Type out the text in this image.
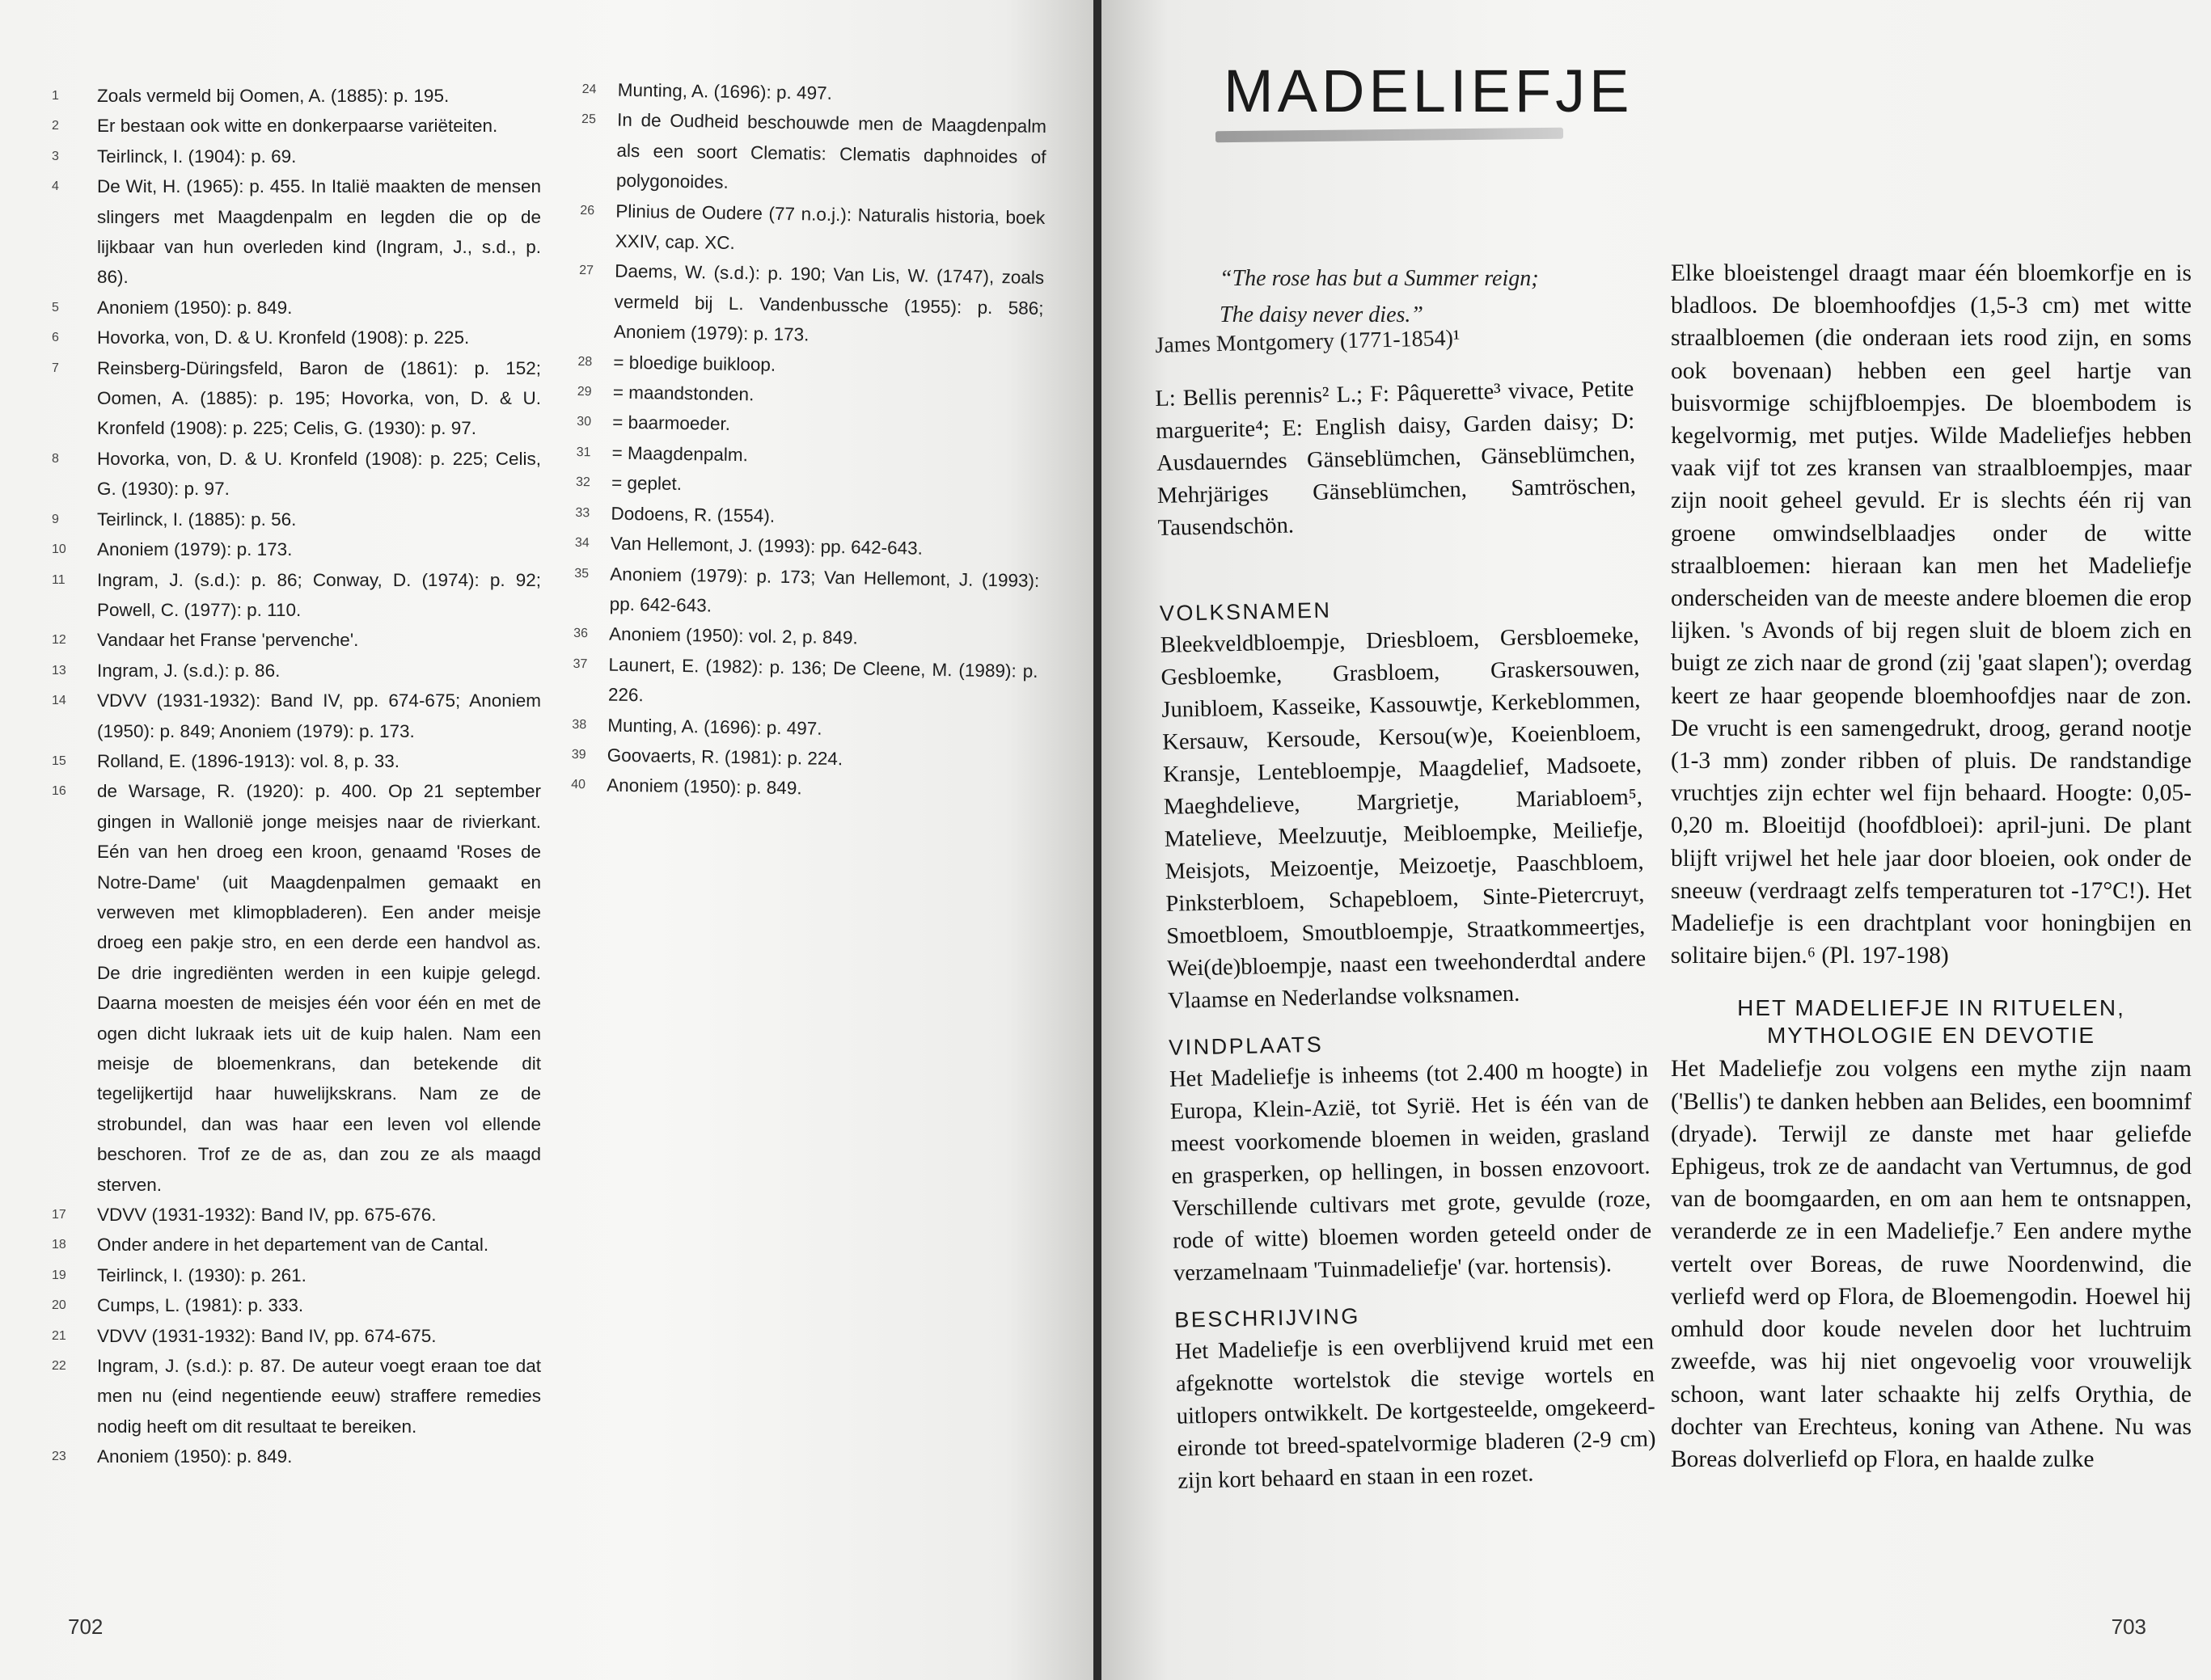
1	Zoals vermeld bij Oomen, A. (1885): p. 195.
2	Er bestaan ook witte en donkerpaarse variëteiten.
3	Teirlinck, I. (1904): p. 69.
4	De Wit, H. (1965): p. 455. In Italië maakten de mensen slingers met Maagdenpalm en legden die op de lijkbaar van hun overleden kind (Ingram, J., s.d., p. 86).
5	Anoniem (1950): p. 849.
6	Hovorka, von, D. & U. Kronfeld (1908): p. 225.
7	Reinsberg-Düringsfeld, Baron de (1861): p. 152; Oomen, A. (1885): p. 195; Hovorka, von, D. & U. Kronfeld (1908): p. 225; Celis, G. (1930): p. 97.
8	Hovorka, von, D. & U. Kronfeld (1908): p. 225; Celis, G. (1930): p. 97.
9	Teirlinck, I. (1885): p. 56.
10	Anoniem (1979): p. 173.
11	Ingram, J. (s.d.): p. 86; Conway, D. (1974): p. 92; Powell, C. (1977): p. 110.
12	Vandaar het Franse 'pervenche'.
13	Ingram, J. (s.d.): p. 86.
14	VDVV (1931-1932): Band IV, pp. 674-675; Anoniem (1950): p. 849; Anoniem (1979): p. 173.
15	Rolland, E. (1896-1913): vol. 8, p. 33.
16	de Warsage, R. (1920): p. 400. Op 21 september gingen in Wallonië jonge meisjes naar de rivierkant. Eén van hen droeg een kroon, genaamd 'Roses de Notre-Dame' (uit Maagdenpalmen gemaakt en verweven met klimopbladeren). Een ander meisje droeg een pakje stro, en een derde een handvol as. De drie ingrediënten werden in een kuipje gelegd. Daarna moesten de meisjes één voor één en met de ogen dicht lukraak iets uit de kuip halen. Nam een meisje de bloemenkrans, dan betekende dit tegelijkertijd haar huwelijkskrans. Nam ze de strobundel, dan was haar een leven vol ellende beschoren. Trof ze de as, dan zou ze als maagd sterven.
17	VDVV (1931-1932): Band IV, pp. 675-676.
18	Onder andere in het departement van de Cantal.
19	Teirlinck, I. (1930): p. 261.
20	Cumps, L. (1981): p. 333.
21	VDVV (1931-1932): Band IV, pp. 674-675.
22	Ingram, J. (s.d.): p. 87. De auteur voegt eraan toe dat men nu (eind negentiende eeuw) straffere remedies nodig heeft om dit resultaat te bereiken.
23	Anoniem (1950): p. 849.
24	Munting, A. (1696): p. 497.
25	In de Oudheid beschouwde men de Maagdenpalm als een soort Clematis: Clematis daphnoides of polygonoides.
26	Plinius de Oudere (77 n.o.j.): Naturalis historia, boek XXIV, cap. XC.
27	Daems, W. (s.d.): p. 190; Van Lis, W. (1747), zoals vermeld bij L. Vandenbussche (1955): p. 586; Anoniem (1979): p. 173.
28	= bloedige buikloop.
29	= maandstonden.
30	= baarmoeder.
31	= Maagdenpalm.
32	= geplet.
33	Dodoens, R. (1554).
34	Van Hellemont, J. (1993): pp. 642-643.
35	Anoniem (1979): p. 173; Van Hellemont, J. (1993): pp. 642-643.
36	Anoniem (1950): vol. 2, p. 849.
37	Launert, E. (1982): p. 136; De Cleene, M. (1989): p. 226.
38	Munting, A. (1696): p. 497.
39	Goovaerts, R. (1981): p. 224.
40	Anoniem (1950): p. 849.
702
MADELIEFJE
“The rose has but a Summer reign;
The daisy never dies.”
James Montgomery (1771-1854)¹

L: Bellis perennis² L.; F: Pâquerette³ vivace, Petite marguerite⁴; E: English daisy, Garden daisy; D: Ausdauerndes Gänseblümchen, Gänseblümchen, Mehrjäriges Gänseblümchen, Samtröschen, Tausendschön.

VOLKSNAMEN

Bleekveldbloempje, Driesbloem, Gersbloemeke, Gesbloemke, Grasbloem, Graskersouwen, Junibloem, Kasseike, Kassouwtje, Kerkeblommen, Kersauw, Kersoude, Kersou(w)e, Koeienbloem, Kransje, Lentebloempje, Maagdelief, Madsoete, Maeghdelieve, Margrietje, Mariabloem⁵, Matelieve, Meelzuutje, Meibloempke, Meiliefje, Meisjots, Meizoentje, Meizoetje, Paaschbloem, Pinksterbloem, Schapebloem, Sinte-Pietercruyt, Smoetbloem, Smoutbloempje, Straatkommeertjes, Wei(de)bloempje, naast een tweehonderdtal andere Vlaamse en Nederlandse volksnamen.

VINDPLAATS

Het Madeliefje is inheems (tot 2.400 m hoogte) in Europa, Klein-Azië, tot Syrië. Het is één van de meest voorkomende bloemen in weiden, grasland en grasperken, op hellingen, in bossen enzovoort. Verschillende cultivars met grote, gevulde (roze, rode of witte) bloemen worden geteeld onder de verzamelnaam 'Tuinmadeliefje' (var. hortensis).

BESCHRIJVING

Het Madeliefje is een overblijvend kruid met een afgeknotte wortelstok die stevige wortels en uitlopers ontwikkelt. De kortgesteelde, omgekeerd-eironde tot breed-spatelvormige bladeren (2-9 cm) zijn kort behaard en staan in een rozet.

Elke bloeistengel draagt maar één bloemkorfje en is bladloos. De bloemhoofdjes (1,5-3 cm) met witte straalbloemen (die onderaan iets rood zijn, en soms ook bovenaan) hebben een geel hartje van buisvormige schijfbloempjes. De bloembodem is kegelvormig, met putjes. Wilde Madeliefjes hebben vaak vijf tot zes kransen van straalbloempjes, maar zijn nooit geheel gevuld. Er is slechts één rij van groene omwindselblaadjes onder de witte straalbloemen: hieraan kan men het Madeliefje onderscheiden van de meeste andere bloemen die erop lijken. 's Avonds of bij regen sluit de bloem zich en buigt ze zich naar de grond (zij 'gaat slapen'); overdag keert ze haar geopende bloemhoofdjes naar de zon. De vrucht is een samengedrukt, droog, gerand nootje (1-3 mm) zonder ribben of pluis. De randstandige vruchtjes zijn echter wel fijn behaard. Hoogte: 0,05-0,20 m. Bloeitijd (hoofdbloei): april-juni. De plant blijft vrijwel het hele jaar door bloeien, ook onder de sneeuw (verdraagt zelfs temperaturen tot -17°C!). Het Madeliefje is een drachtplant voor honingbijen en solitaire bijen.⁶ (Pl. 197-198)

HET MADELIEFJE IN RITUELEN,
MYTHOLOGIE EN DEVOTIE

Het Madeliefje zou volgens een mythe zijn naam ('Bellis') te danken hebben aan Belides, een boomnimf (dryade). Terwijl ze danste met haar geliefde Ephigeus, trok ze de aandacht van Vertumnus, de god van de boomgaarden, en om aan hem te ontsnappen, veranderde ze in een Madeliefje.⁷ Een andere mythe vertelt over Boreas, de ruwe Noordenwind, die verliefd werd op Flora, de Bloemengodin. Hoewel hij omhuld door koude nevelen door het luchtruim zweefde, was hij niet ongevoelig voor vrouwelijk schoon, want later schaakte hij zelfs Orythia, de dochter van Erechteus, koning van Athene. Nu was Boreas dolverliefd op Flora, en haalde zulke

703
